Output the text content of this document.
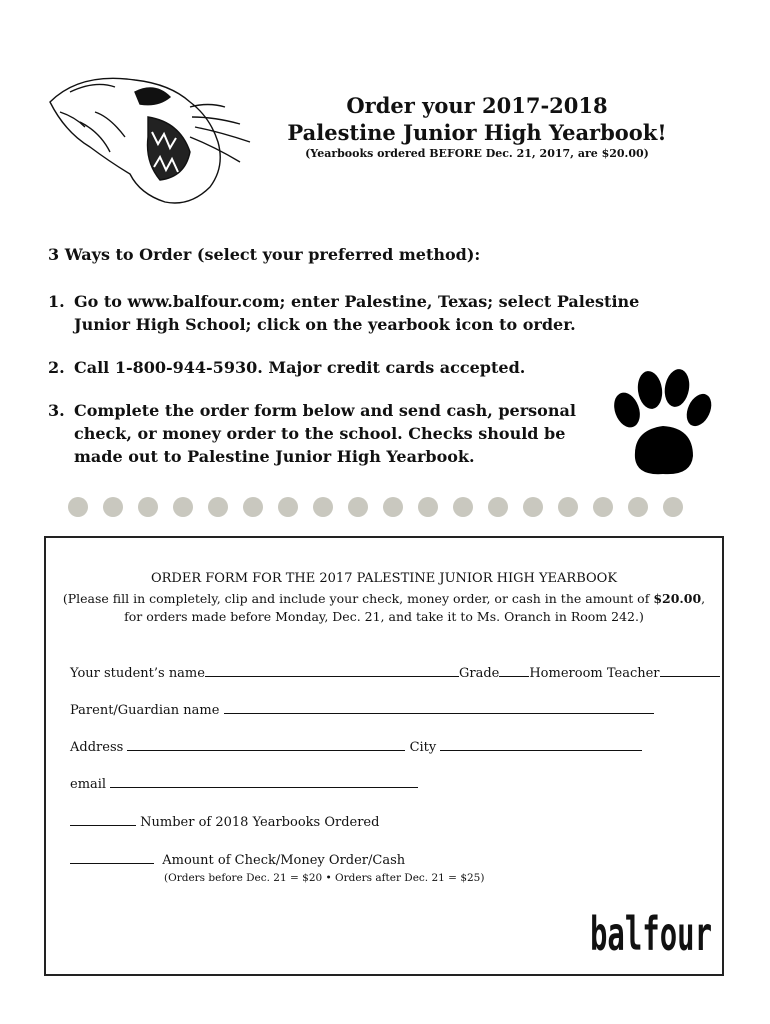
Order your 2017-2018
Palestine Junior High Yearbook!
(Yearbooks ordered BEFORE Dec. 21, 2017, are $20.00)
3 Ways to Order (select your preferred method):
1. Go to www.balfour.com; enter Palestine, Texas; select Palestine
Junior High School; click on the yearbook icon to order.
2. Call 1-800-944-5930. Major credit cards accepted.
3. Complete the order form below and send cash, personal
check, or money order to the school. Checks should be
made out to Palestine Junior High Yearbook.
ORDER FORM FOR THE 2017 PALESTINE JUNIOR HIGH YEARBOOK
(Please fill in completely, clip and include your check, money order, or cash in the amount of $20.00,
for orders made before Monday, Dec. 21, and take it to Ms. Oranch in Room 242.)
Your student’s name	Grade Homeroom Teacher
Parent/Guardian name
Address	City
email
Number of 2018 Yearbooks Ordered
Amount of Check/Money Order/Cash
(Orders before Dec. 21 = $20 • Orders after Dec. 21 = $25)
balfour
